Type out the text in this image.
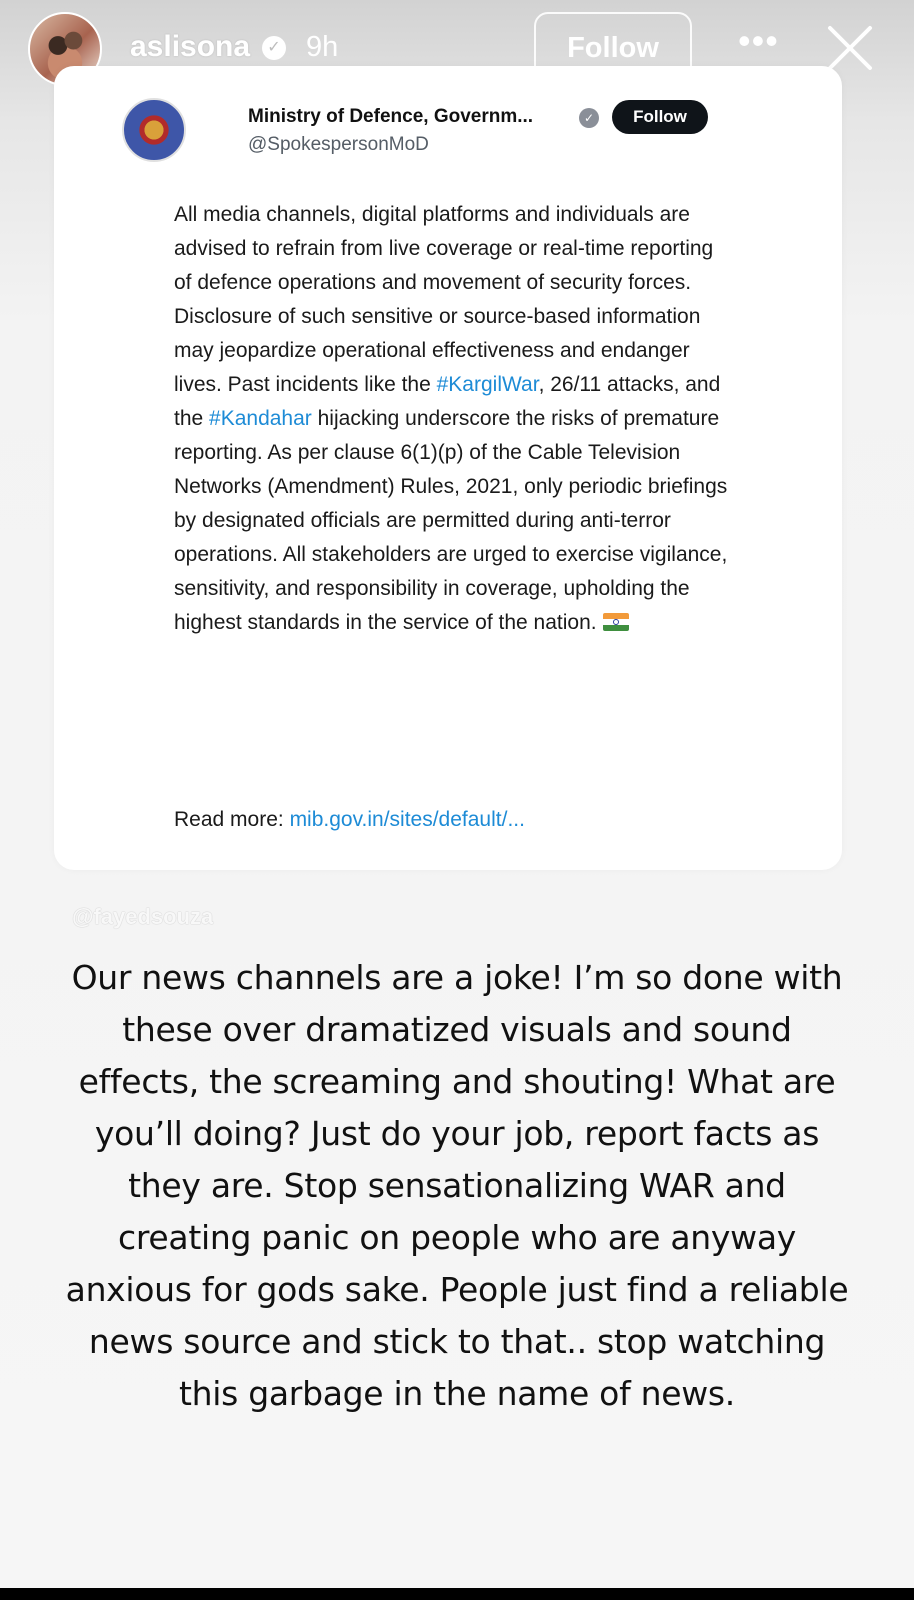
aslisona	✓ 9h	Follow	•••
Ministry of Defence, Governm...	✓	Follow
@SpokespersonMoD
All media channels, digital platforms and individuals are advised to refrain from live coverage or real-time reporting of defence operations and movement of security forces. Disclosure of such sensitive or source-based information may jeopardize operational effectiveness and endanger lives. Past incidents like the #KargilWar, 26/11 attacks, and the #Kandahar hijacking underscore the risks of premature reporting. As per clause 6(1)(p) of the Cable Television Networks (Amendment) Rules, 2021, only periodic briefings by designated officials are permitted during anti-terror operations. All stakeholders are urged to exercise vigilance, sensitivity, and responsibility in coverage, upholding the highest standards in the service of the nation.
Read more: mib.gov.in/sites/default/...
@fayedsouza
Our news channels are a joke! I’m so done with these over dramatized visuals and sound effects, the screaming and shouting! What are you’ll doing? Just do your job, report facts as they are. Stop sensationalizing WAR and creating panic on people who are anyway anxious for gods sake. People just find a reliable news source and stick to that.. stop watching this garbage in the name of news.
